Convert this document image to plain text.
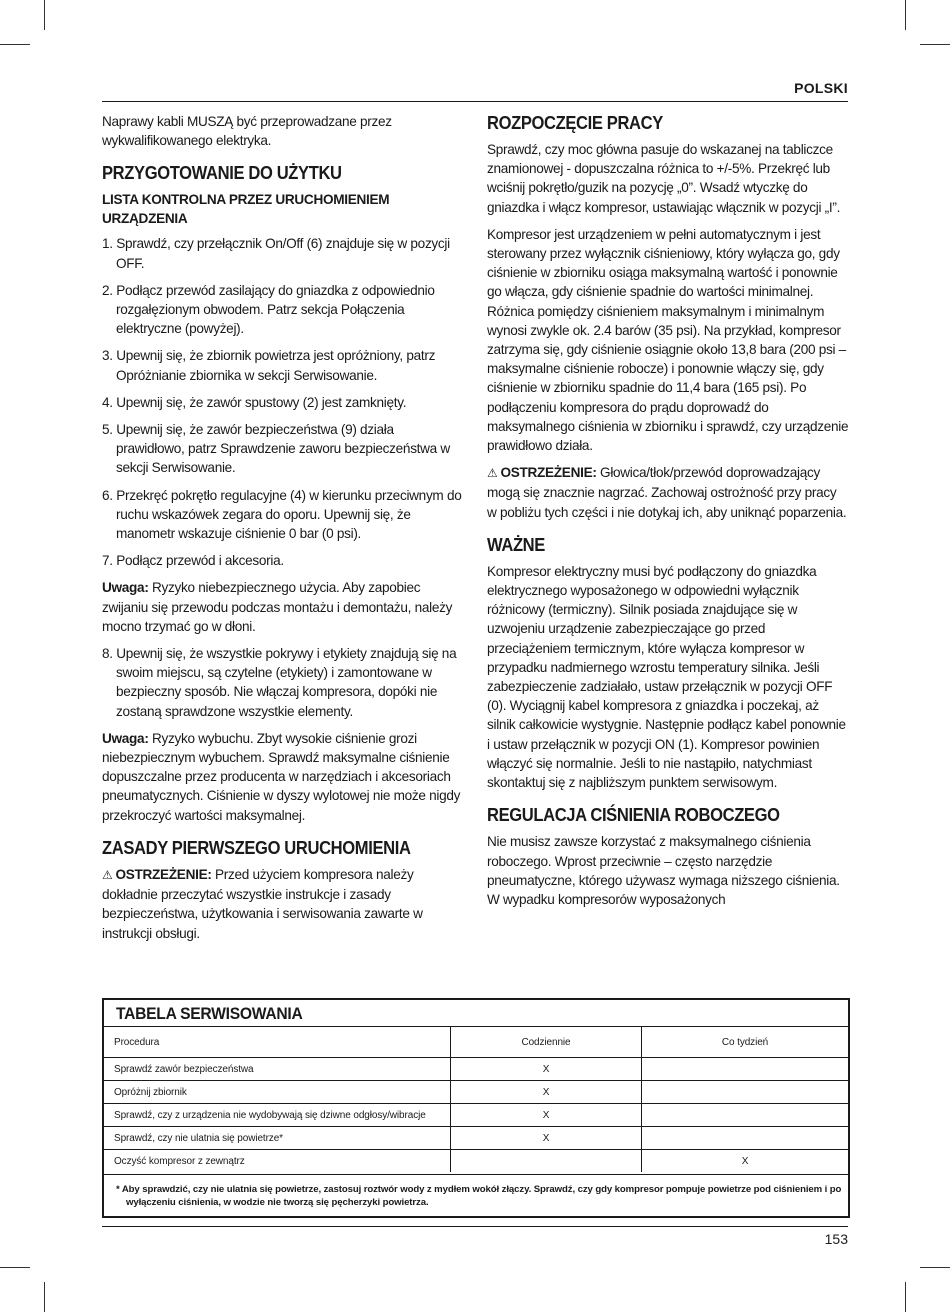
POLSKI

Naprawy kabli MUSZĄ być przeprowadzane przez wykwalifikowanego elektryka.

PRZYGOTOWANIE DO UŻYTKU
LISTA KONTROLNA PRZEZ URUCHOMIENIEM URZĄDZENIA
1. Sprawdź, czy przełącznik On/Off (6) znajduje się w pozycji OFF.
2. Podłącz przewód zasilający do gniazdka z odpowiednio rozgałęzionym obwodem. Patrz sekcja Połączenia elektryczne (powyżej).
3. Upewnij się, że zbiornik powietrza jest opróżniony, patrz Opróżnianie zbiornika w sekcji Serwisowanie.
4. Upewnij się, że zawór spustowy (2) jest zamknięty.
5. Upewnij się, że zawór bezpieczeństwa (9) działa prawidłowo, patrz Sprawdzenie zaworu bezpieczeństwa w sekcji Serwisowanie.
6. Przekręć pokrętło regulacyjne (4) w kierunku przeciwnym do ruchu wskazówek zegara do oporu. Upewnij się, że manometr wskazuje ciśnienie 0 bar (0 psi).
7. Podłącz przewód i akcesoria.

Uwaga: Ryzyko niebezpiecznego użycia. Aby zapobiec zwijaniu się przewodu podczas montażu i demontażu, należy mocno trzymać go w dłoni.

8. Upewnij się, że wszystkie pokrywy i etykiety znajdują się na swoim miejscu, są czytelne (etykiety) i zamontowane w bezpieczny sposób. Nie włączaj kompresora, dopóki nie zostaną sprawdzone wszystkie elementy.

Uwaga: Ryzyko wybuchu. Zbyt wysokie ciśnienie grozi niebezpiecznym wybuchem. Sprawdź maksymalne ciśnienie dopuszczalne przez producenta w narzędziach i akcesoriach pneumatycznych. Ciśnienie w dyszy wylotowej nie może nigdy przekroczyć wartości maksymalnej.

ZASADY PIERWSZEGO URUCHOMIENIA

⚠ OSTRZEŻENIE: Przed użyciem kompresora należy dokładnie przeczytać wszystkie instrukcje i zasady bezpieczeństwa, użytkowania i serwisowania zawarte w instrukcji obsługi.

ROZPOCZĘCIE PRACY

Sprawdź, czy moc główna pasuje do wskazanej na tabliczce znamionowej - dopuszczalna różnica to +/-5%. Przekręć lub wciśnij pokrętło/guzik na pozycję „0”. Wsadź wtyczkę do gniazdka i włącz kompresor, ustawiając włącznik w pozycji „I”.

Kompresor jest urządzeniem w pełni automatycznym i jest sterowany przez wyłącznik ciśnieniowy, który wyłącza go, gdy ciśnienie w zbiorniku osiąga maksymalną wartość i ponownie go włącza, gdy ciśnienie spadnie do wartości minimalnej. Różnica pomiędzy ciśnieniem maksymalnym i minimalnym wynosi zwykle ok. 2.4 barów (35 psi). Na przykład, kompresor zatrzyma się, gdy ciśnienie osiągnie około 13,8 bara (200 psi – maksymalne ciśnienie robocze) i ponownie włączy się, gdy ciśnienie w zbiorniku spadnie do 11,4 bara (165 psi). Po podłączeniu kompresora do prądu doprowadź do maksymalnego ciśnienia w zbiorniku i sprawdź, czy urządzenie prawidłowo działa.

⚠ OSTRZEŻENIE: Głowica/tłok/przewód doprowadzający mogą się znacznie nagrzać. Zachowaj ostrożność przy pracy w pobliżu tych części i nie dotykaj ich, aby uniknąć poparzenia.

WAŻNE

Kompresor elektryczny musi być podłączony do gniazdka elektrycznego wyposażonego w odpowiedni wyłącznik różnicowy (termiczny). Silnik posiada znajdujące się w uzwojeniu urządzenie zabezpieczające go przed przeciążeniem termicznym, które wyłącza kompresor w przypadku nadmiernego wzrostu temperatury silnika. Jeśli zabezpieczenie zadziałało, ustaw przełącznik w pozycji OFF (0). Wyciągnij kabel kompresora z gniazdka i poczekaj, aż silnik całkowicie wystygnie. Następnie podłącz kabel ponownie i ustaw przełącznik w pozycji ON (1). Kompresor powinien włączyć się normalnie. Jeśli to nie nastąpiło, natychmiast skontaktuj się z najbliższym punktem serwisowym.

REGULACJA CIŚNIENIA ROBOCZEGO

Nie musisz zawsze korzystać z maksymalnego ciśnienia roboczego. Wprost przeciwnie – często narzędzie pneumatyczne, którego używasz wymaga niższego ciśnienia. W wypadku kompresorów wyposażonych

TABELA SERWISOWANIA
Procedura	Codziennie	Co tydzień
Sprawdź zawór bezpieczeństwa	X	
Opróżnij zbiornik	X	
Sprawdź, czy z urządzenia nie wydobywają się dziwne odgłosy/wibracje	X	
Sprawdź, czy nie ulatnia się powietrze*	X	
Oczyść kompresor z zewnątrz		X
* Aby sprawdzić, czy nie ulatnia się powietrze, zastosuj roztwór wody z mydłem wokół złączy. Sprawdź, czy gdy kompresor pompuje powietrze pod ciśnieniem i po wyłączeniu ciśnienia, w wodzie nie tworzą się pęcherzyki powietrza.
153
